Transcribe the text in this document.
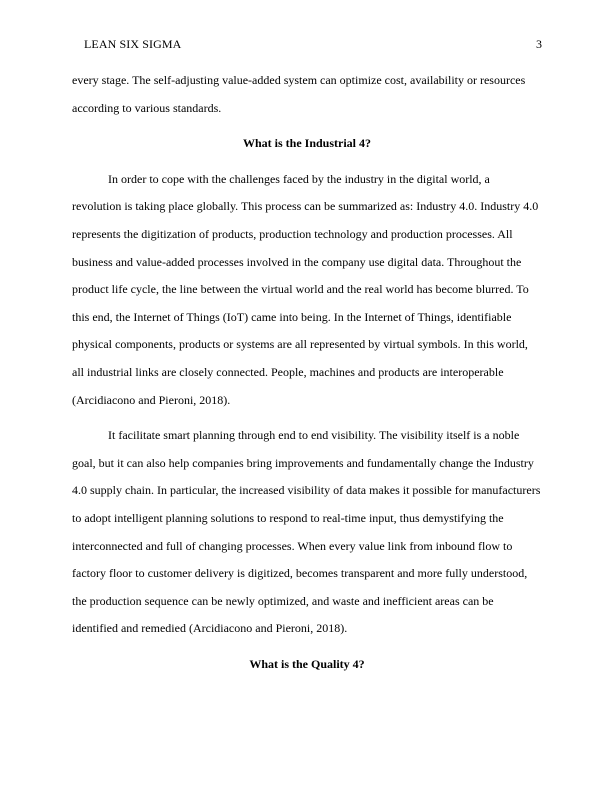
LEAN SIX SIGMA	3

every stage. The self-adjusting value-added system can optimize cost, availability or resources according to various standards.

What is the Industrial 4?

In order to cope with the challenges faced by the industry in the digital world, a revolution is taking place globally. This process can be summarized as: Industry 4.0. Industry 4.0 represents the digitization of products, production technology and production processes. All business and value-added processes involved in the company use digital data. Throughout the product life cycle, the line between the virtual world and the real world has become blurred. To this end, the Internet of Things (IoT) came into being. In the Internet of Things, identifiable physical components, products or systems are all represented by virtual symbols. In this world, all industrial links are closely connected. People, machines and products are interoperable (Arcidiacono and Pieroni, 2018).

It facilitate smart planning through end to end visibility. The visibility itself is a noble goal, but it can also help companies bring improvements and fundamentally change the Industry 4.0 supply chain. In particular, the increased visibility of data makes it possible for manufacturers to adopt intelligent planning solutions to respond to real-time input, thus demystifying the interconnected and full of changing processes. When every value link from inbound flow to factory floor to customer delivery is digitized, becomes transparent and more fully understood, the production sequence can be newly optimized, and waste and inefficient areas can be identified and remedied (Arcidiacono and Pieroni, 2018).

What is the Quality 4?
